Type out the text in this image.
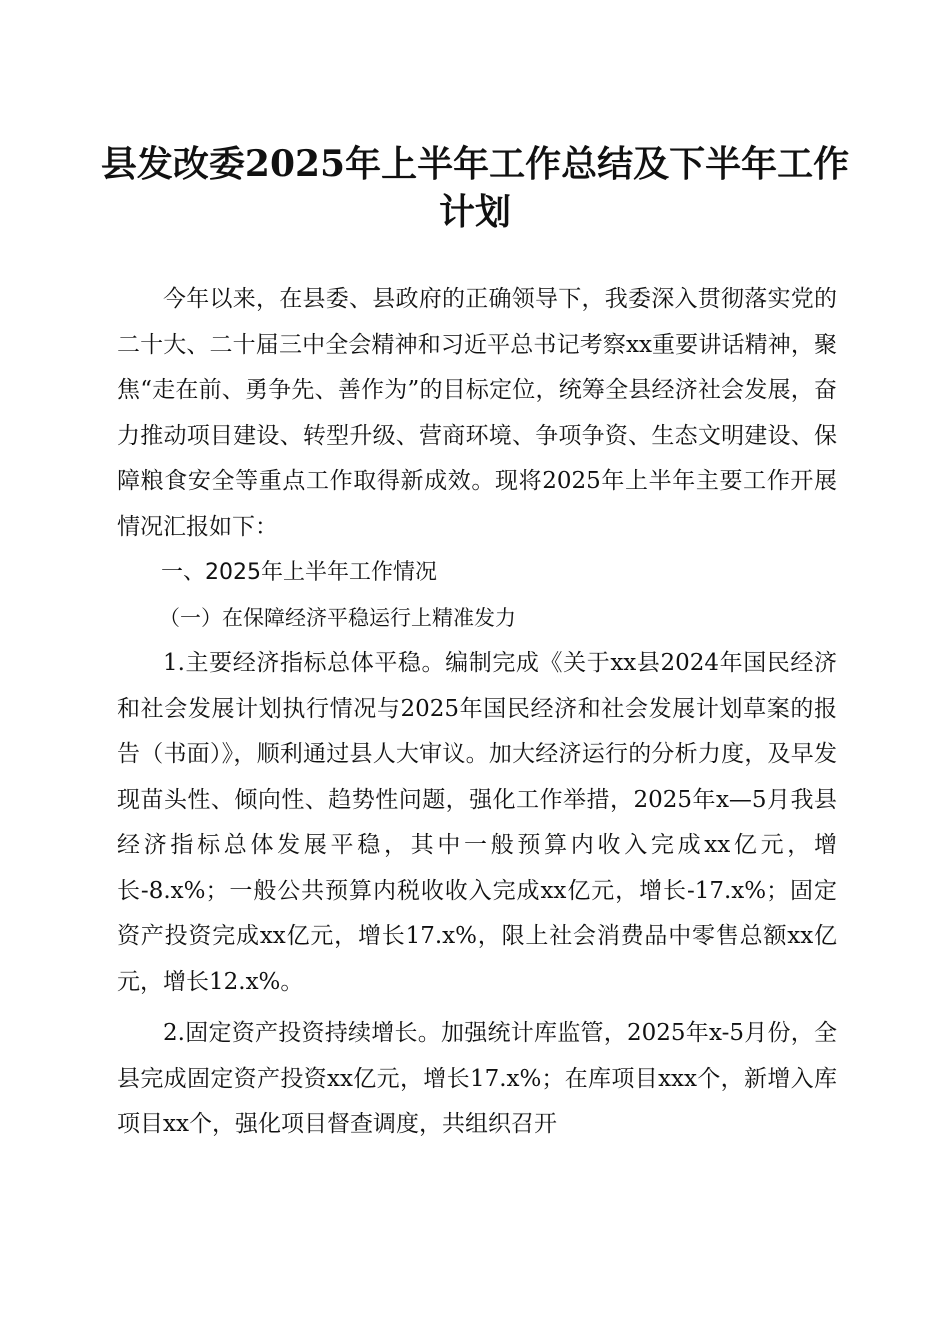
县发改委2025年上半年工作总结及下半年工作计划

今年以来，在县委、县政府的正确领导下，我委深入贯彻落实党的二十大、二十届三中全会精神和习近平总书记考察xx重要讲话精神，聚焦“走在前、勇争先、善作为”的目标定位，统筹全县经济社会发展，奋力推动项目建设、转型升级、营商环境、争项争资、生态文明建设、保障粮食安全等重点工作取得新成效。现将2025年上半年主要工作开展情况汇报如下：

一、2025年上半年工作情况

（一）在保障经济平稳运行上精准发力

1.主要经济指标总体平稳。编制完成《关于xx县2024年国民经济和社会发展计划执行情况与2025年国民经济和社会发展计划草案的报告（书面）》，顺利通过县人大审议。加大经济运行的分析力度，及早发现苗头性、倾向性、趋势性问题，强化工作举措，2025年x—5月我县经济指标总体发展平稳，其中一般预算内收入完成xx亿元，增长-8.x%；一般公共预算内税收收入完成xx亿元，增长-17.x%；固定资产投资完成xx亿元，增长17.x%，限上社会消费品中零售总额xx亿元，增长12.x%。

2.固定资产投资持续增长。加强统计库监管，2025年x-5月份，全县完成固定资产投资xx亿元，增长17.x%；在库项目xxx个，新增入库项目xx个，强化项目督查调度，共组织召开
